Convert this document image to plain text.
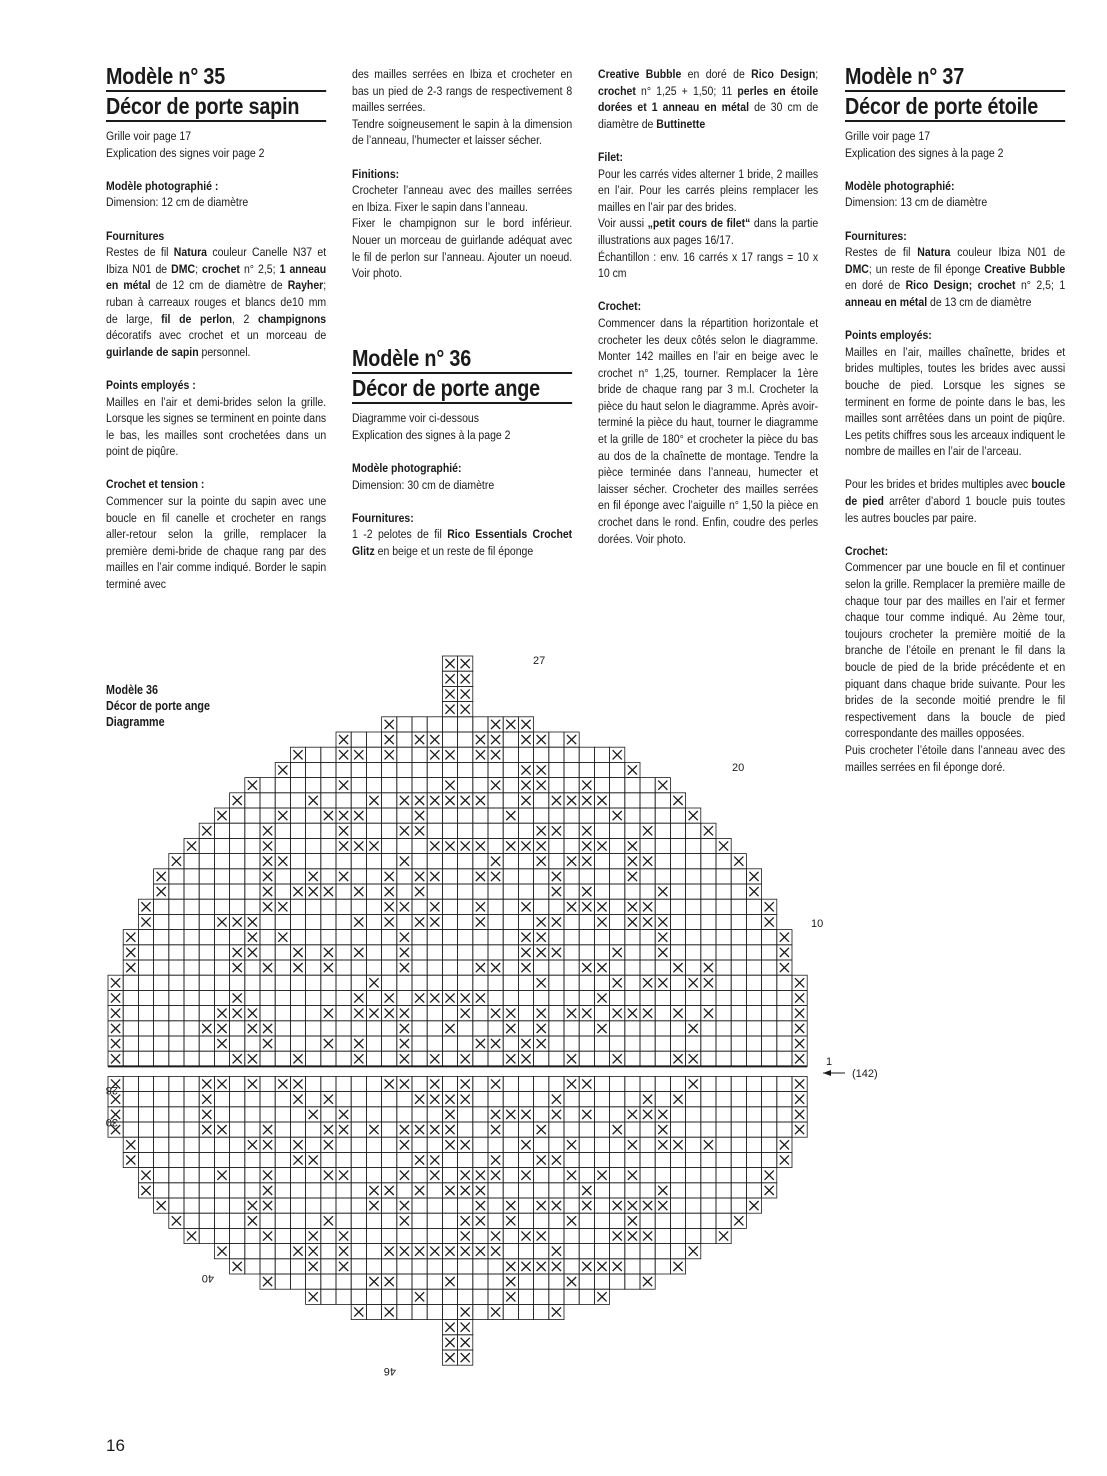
Modèle n° 35
Décor de porte sapin

Grille voir page 17
Explication des signes voir page 2

Modèle photographié :
Dimension: 12 cm de diamètre

Fournitures
Restes de fil Natura couleur Canelle N37 et Ibiza N01 de DMC; crochet n° 2,5; 1 anneau en métal de 12 cm de diamètre de Rayher; ruban à carreaux rouges et blancs de10 mm de large, fil de perlon, 2 champignons décoratifs avec crochet et un morceau de guirlande de sapin personnel.

Points employés :
Mailles en l’air et demi-brides selon la grille. Lorsque les signes se terminent en pointe dans le bas, les mailles sont crochetées dans un point de piqûre.

Crochet et tension :
Commencer sur la pointe du sapin avec une boucle en fil canelle et crocheter en rangs aller-retour selon la grille, remplacer la première demi-bride de chaque rang par des mailles en l’air comme indiqué. Border le sapin terminé avec

des mailles serrées en Ibiza et crocheter en bas un pied de 2-3 rangs de respectivement 8 mailles serrées.
Tendre soigneusement le sapin à la dimension de l’anneau, l’humecter et laisser sécher.

Finitions:
Crocheter l’anneau avec des mailles serrées en Ibiza. Fixer le sapin dans l’anneau.
Fixer le champignon sur le bord inférieur. Nouer un morceau de guirlande adéquat avec le fil de perlon sur l’anneau. Ajouter un noeud. Voir photo.

Modèle n° 36
Décor de porte ange

Diagramme voir ci-dessous
Explication des signes à la page 2

Modèle photographié:
Dimension: 30 cm de diamètre

Fournitures:
1 -2 pelotes de fil Rico Essentials Crochet Glitz en beige et un reste de fil éponge

Creative Bubble en doré de Rico Design; crochet n° 1,25 + 1,50; 11 perles en étoile dorées et 1 anneau en métal de 30 cm de diamètre de Buttinette

Filet:
Pour les carrés vides alterner 1 bride, 2 mailles en l’air. Pour les carrés pleins remplacer les mailles en l’air par des brides.
Voir aussi „petit cours de filet“ dans la partie illustrations aux pages 16/17.
Échantillon : env. 16 carrés x 17 rangs = 10 x 10 cm

Crochet:
Commencer dans la répartition horizontale et crocheter les deux côtés selon le diagramme. Monter 142 mailles en l’air en beige avec le crochet n° 1,25, tourner. Remplacer la 1ère bride de chaque rang par 3 m.l. Crocheter la pièce du haut selon le diagramme. Après avoir-terminé la pièce du haut, tourner le diagramme et la grille de 180° et crocheter la pièce du bas au dos de la chaînette de montage. Tendre la pièce terminée dans l’anneau, humecter et laisser sécher. Crocheter des mailles serrées en fil éponge avec l’aiguille n° 1,50 la pièce en crochet dans le rond. Enfin, coudre des perles dorées. Voir photo.

Modèle n° 37
Décor de porte étoile

Grille voir page 17
Explication des signes à la page 2

Modèle photographié:
Dimension: 13 cm de diamètre

Fournitures:
Restes de fil Natura couleur Ibiza N01 de DMC; un reste de fil éponge Creative Bubble en doré de Rico Design; crochet n° 2,5; 1 anneau en métal de 13 cm de diamètre

Points employés:
Mailles en l’air, mailles chaînette, brides et brides multiples, toutes les brides avec aussi bouche de pied. Lorsque les signes se terminent en forme de pointe dans le bas, les mailles sont arrêtées dans un point de piqûre. Les petits chiffres sous les arceaux indiquent le nombre de mailles en l’air de l’arceau.

Pour les brides et brides multiples avec boucle de pied arrêter d’abord 1 boucle puis toutes les autres boucles par paire.

Crochet:
Commencer par une boucle en fil et continuer selon la grille. Remplacer la première maille de chaque tour par des mailles en l’air et fermer chaque tour comme indiqué. Au 2ème tour, toujours crocheter la première moitié de la branche de l’étoile en prenant le fil dans la boucle de pied de la bride précédente et en piquant dans chaque bride suivante. Pour les brides de la seconde moitié prendre le fil respectivement dans la boucle de pied correspondante des mailles opposées.
Puis crocheter l’étoile dans l’anneau avec des mailles serrées en fil éponge doré.

Modèle 36
Décor de porte ange
Diagramme
27
20
10
1
(142)
28
30
40
46
16
